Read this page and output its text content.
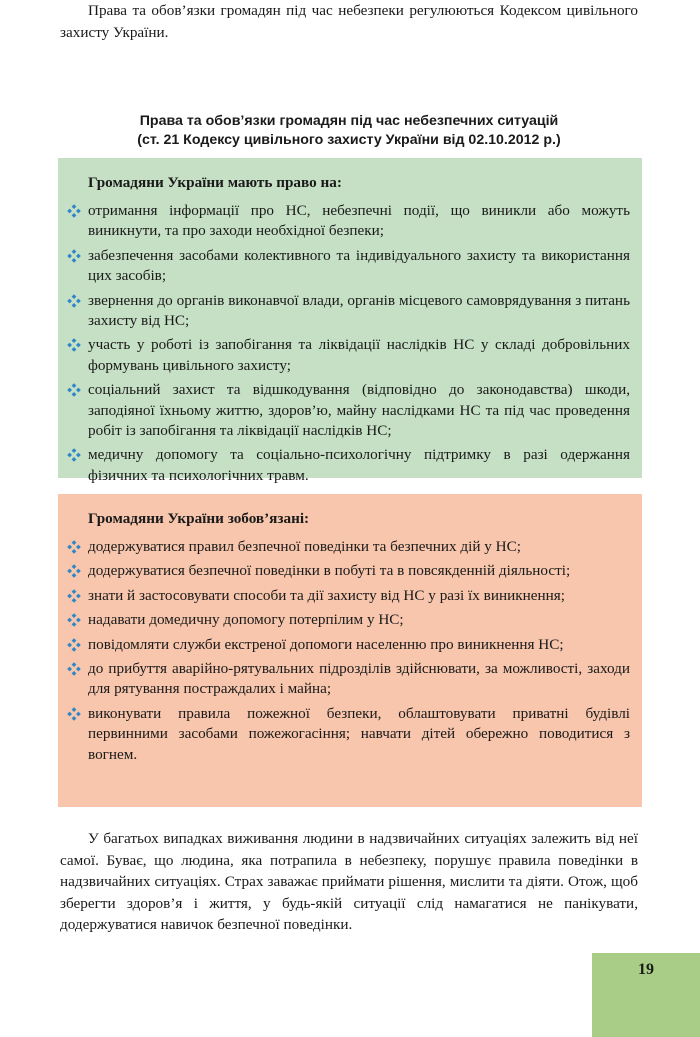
Права та обов’язки громадян під час небезпеки регулюються Кодексом цивільного захисту України.

Права та обов’язки громадян під час небезпечних ситуацій
(ст. 21 Кодексу цивільного захисту України від 02.10.2012 р.)
Громадяни України мають право на:
отримання інформації про НС, небезпечні події, що виникли або можуть виникнути, та про заходи необхідної безпеки;
забезпечення засобами колективного та індивідуального захисту та використання цих засобів;
звернення до органів виконавчої влади, органів місцевого самоврядування з питань захисту від НС;
участь у роботі із запобігання та ліквідації наслідків НС у складі добровільних формувань цивільного захисту;
соціальний захист та відшкодування (відповідно до законодавства) шкоди, заподіяної їхньому життю, здоров’ю, майну наслідками НС та під час проведення робіт із запобігання та ліквідації наслідків НС;
медичну допомогу та соціально-психологічну підтримку в разі одержання фізичних та психологічних травм.
Громадяни України зобов’язані:
додержуватися правил безпечної поведінки та безпечних дій у НС;
додержуватися безпечної поведінки в побуті та в повсякденній діяльності;
знати й застосовувати способи та дії захисту від НС у разі їх виникнення;
надавати домедичну допомогу потерпілим у НС;
повідомляти служби екстреної допомоги населенню про виникнення НС;
до прибуття аварійно-рятувальних підрозділів здійснювати, за можливості, заходи для рятування постраждалих і майна;
виконувати правила пожежної безпеки, облаштовувати приватні будівлі первинними засобами пожежогасіння; навчати дітей обережно поводитися з вогнем.

У багатьох випадках виживання людини в надзвичайних ситуаціях залежить від неї самої. Буває, що людина, яка потрапила в небезпеку, порушує правила поведінки в надзвичайних ситуаціях. Страх заважає приймати рішення, мислити та діяти. Отож, щоб зберегти здоров’я і життя, у будь-якій ситуації слід намагатися не панікувати, додержуватися навичок безпечної поведінки.

19
